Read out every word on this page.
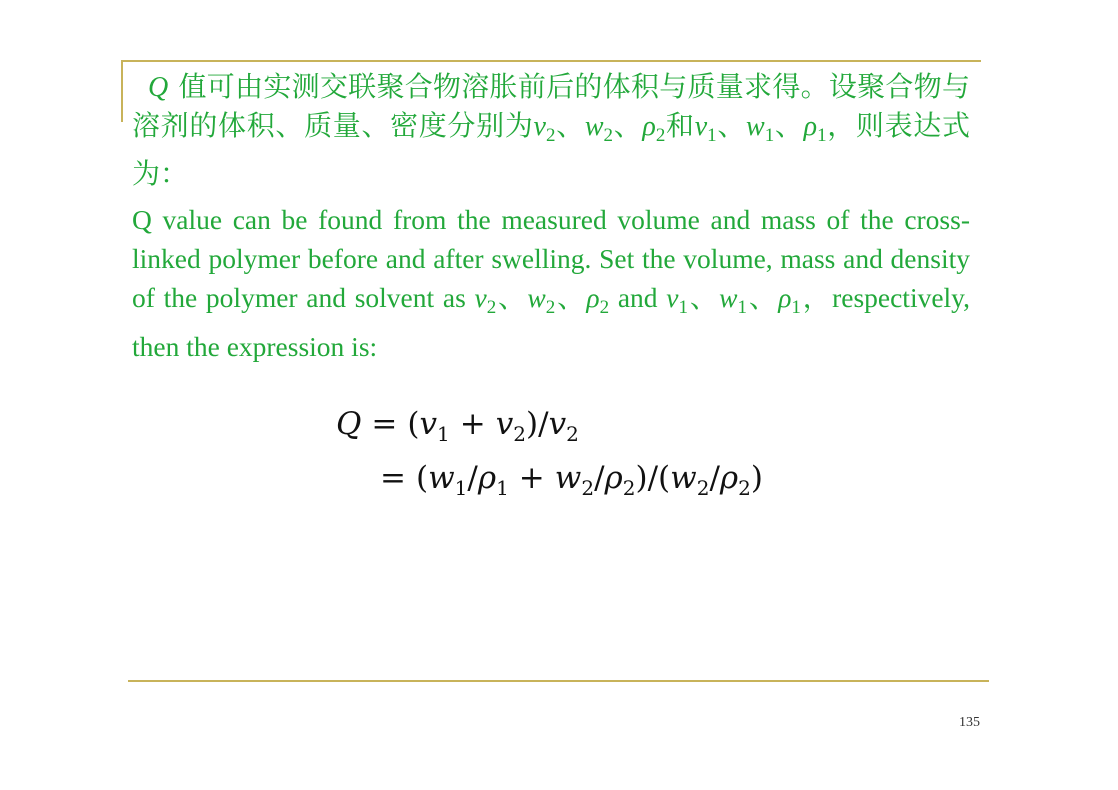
Q 值可由实测交联聚合物溶胀前后的体积与质量求得。设聚合物与溶剂的体积、质量、密度分别为$v_2$、$w_2$、$\rho_2$和$v_1$、$w_1$、$\rho_1$，则表达式为：

Q value can be found from the measured volume and mass of the cross-linked polymer before and after swelling. Set the volume, mass and density of the polymer and solvent as $v_2$、$w_2$、$\rho_2$ and $v_1$、$w_1$、$\rho_1$，respectively, then the expression is:

$Q = (v_1 + v_2)/v_2$
= $(w_1/\rho_1 + w_2/\rho_2)/(w_2/\rho_2)$
135
